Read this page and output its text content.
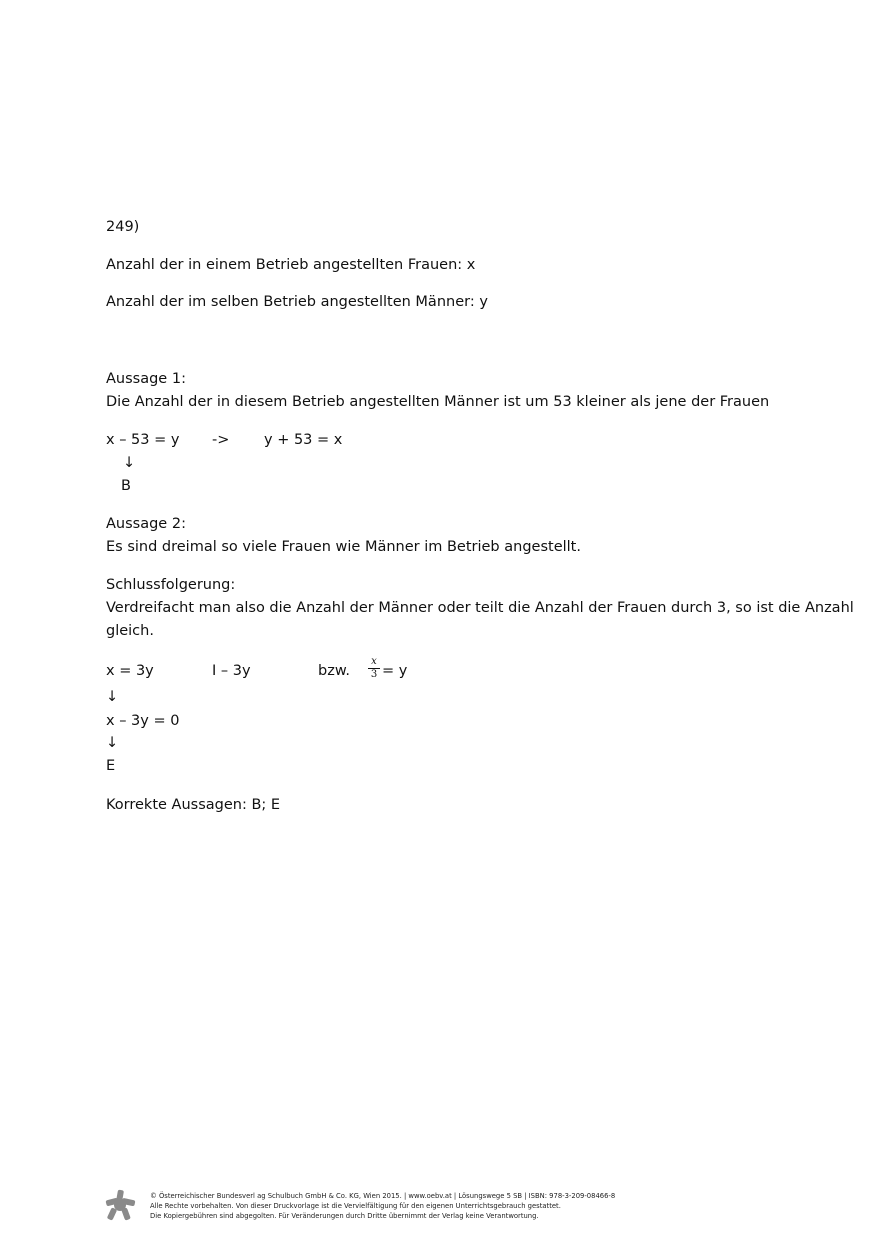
249)
Anzahl der in einem Betrieb angestellten Frauen: x
Anzahl der im selben Betrieb angestellten Männer: y
Aussage 1:
Die Anzahl der in diesem Betrieb angestellten Männer ist um 53 kleiner als jene der Frauen
x – 53 = y -> y + 53 = x
↓
B
Aussage 2:
Es sind dreimal so viele Frauen wie Männer im Betrieb angestellt.
Schlussfolgerung:
Verdreifacht man also die Anzahl der Männer oder teilt die Anzahl der Frauen durch 3, so ist die Anzahl
gleich.
x = 3y	I – 3y	bzw.
x
3 = y
↓
x – 3y = 0
↓
E
Korrekte Aussagen: B; E
© Österreichischer Bundesverl ag Schulbuch GmbH & Co. KG, Wien 2015. | www.oebv.at | Lösungswege 5 SB | ISBN: 978-3-209-08466-8
Alle Rechte vorbehalten. Von dieser Druckvorlage ist die Vervielfältigung für den eigenen Unterrichtsgebrauch gestattet.
Die Kopiergebühren sind abgegolten. Für Veränderungen durch Dritte übernimmt der Verlag keine Verantwortung.
